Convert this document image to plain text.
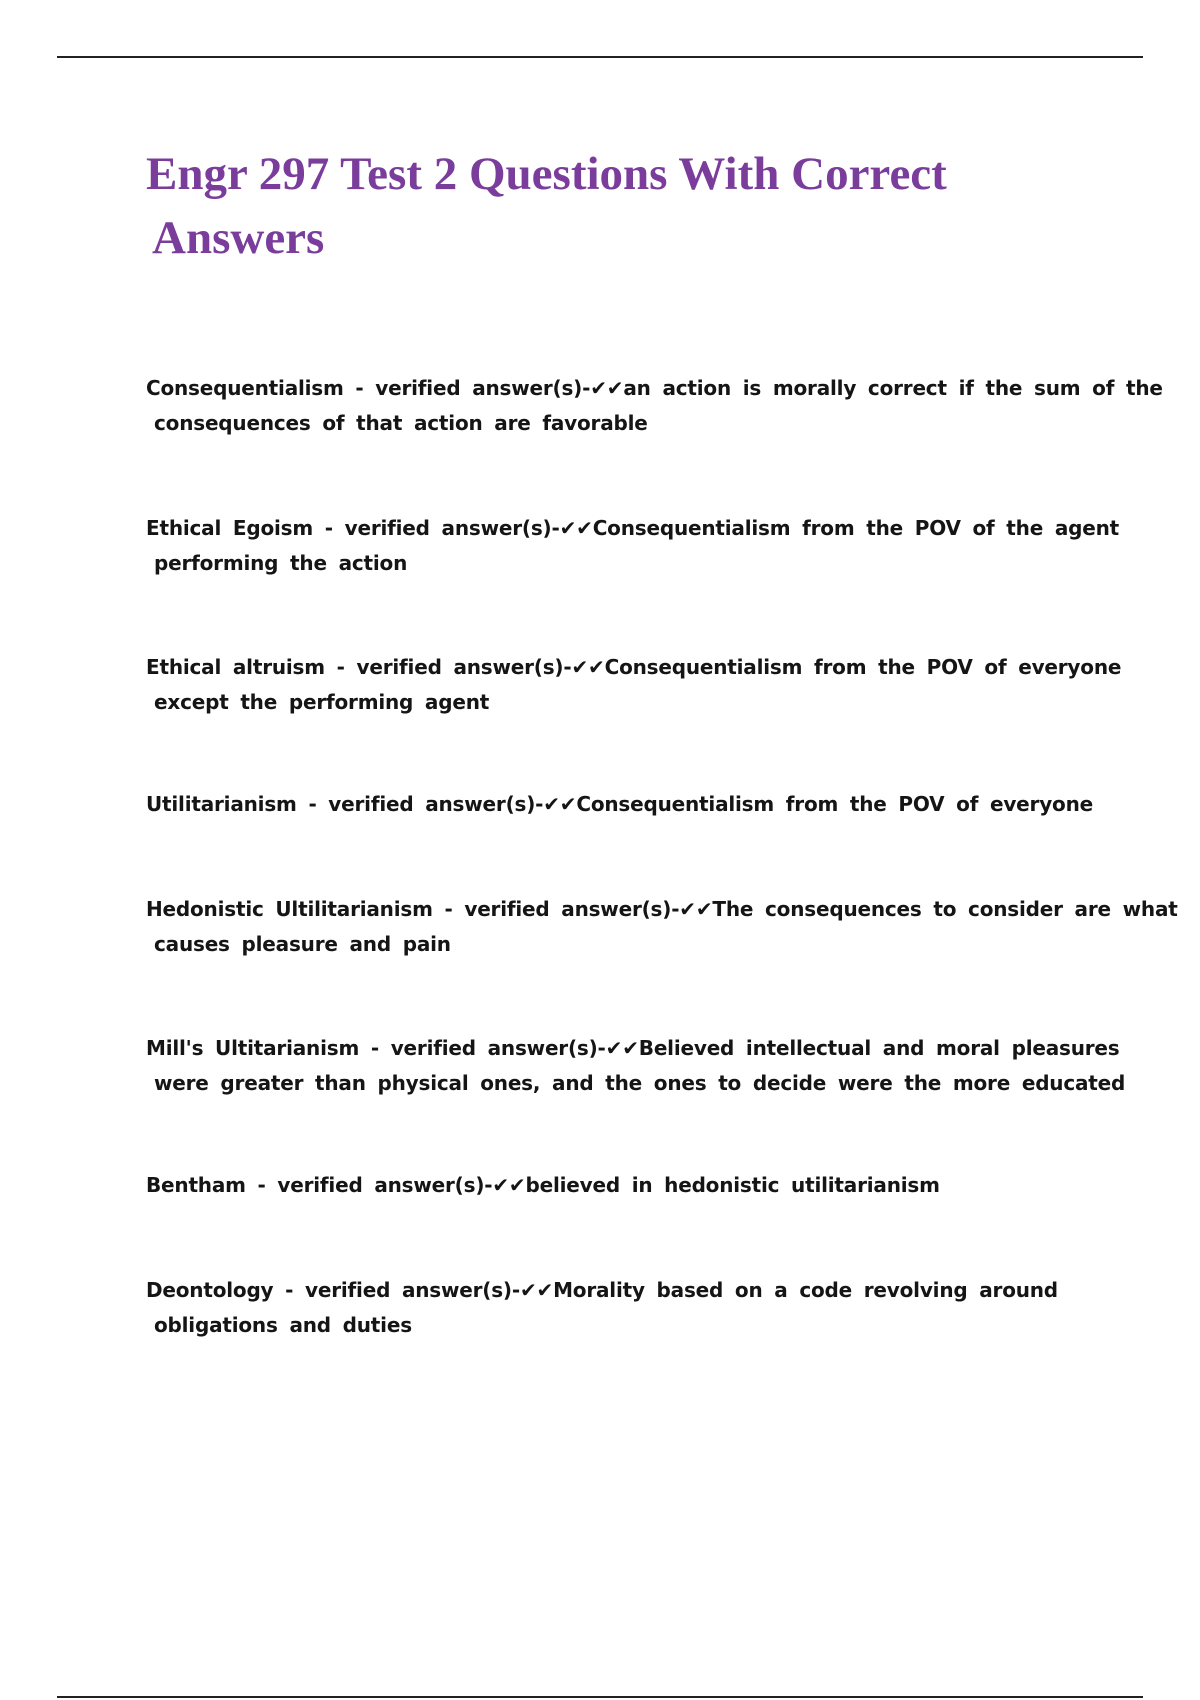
Engr 297 Test 2 Questions With Correct
Answers
Consequentialism - verified answer(s)-✔✔an action is morally correct if the sum of the
consequences of that action are favorable
Ethical Egoism - verified answer(s)-✔✔Consequentialism from the POV of the agent
performing the action
Ethical altruism - verified answer(s)-✔✔Consequentialism from the POV of everyone
except the performing agent
Utilitarianism - verified answer(s)-✔✔Consequentialism from the POV of everyone
Hedonistic Ultilitarianism - verified answer(s)-✔✔The consequences to consider are what
causes pleasure and pain
Mill's Ultitarianism - verified answer(s)-✔✔Believed intellectual and moral pleasures
were greater than physical ones, and the ones to decide were the more educated
Bentham - verified answer(s)-✔✔believed in hedonistic utilitarianism
Deontology - verified answer(s)-✔✔Morality based on a code revolving around
obligations and duties
